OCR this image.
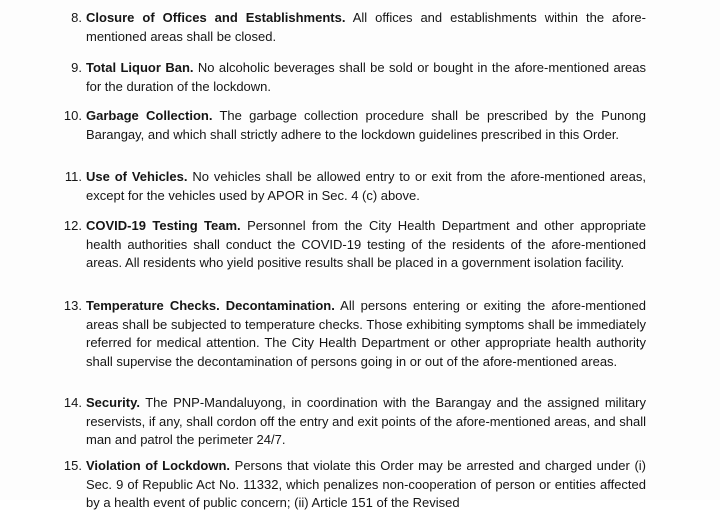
8. Closure of Offices and Establishments. All offices and establishments within the afore-mentioned areas shall be closed.
9. Total Liquor Ban. No alcoholic beverages shall be sold or bought in the afore-mentioned areas for the duration of the lockdown.
10. Garbage Collection. The garbage collection procedure shall be prescribed by the Punong Barangay, and which shall strictly adhere to the lockdown guidelines prescribed in this Order.
11. Use of Vehicles. No vehicles shall be allowed entry to or exit from the afore-mentioned areas, except for the vehicles used by APOR in Sec. 4 (c) above.
12. COVID-19 Testing Team. Personnel from the City Health Department and other appropriate health authorities shall conduct the COVID-19 testing of the residents of the afore-mentioned areas. All residents who yield positive results shall be placed in a government isolation facility.
13. Temperature Checks. Decontamination. All persons entering or exiting the afore-mentioned areas shall be subjected to temperature checks. Those exhibiting symptoms shall be immediately referred for medical attention. The City Health Department or other appropriate health authority shall supervise the decontamination of persons going in or out of the afore-mentioned areas.
14. Security. The PNP-Mandaluyong, in coordination with the Barangay and the assigned military reservists, if any, shall cordon off the entry and exit points of the afore-mentioned areas, and shall man and patrol the perimeter 24/7.
15. Violation of Lockdown. Persons that violate this Order may be arrested and charged under (i) Sec. 9 of Republic Act No. 11332, which penalizes non-cooperation of person or entities affected by a health event of public concern; (ii) Article 151 of the Revised
